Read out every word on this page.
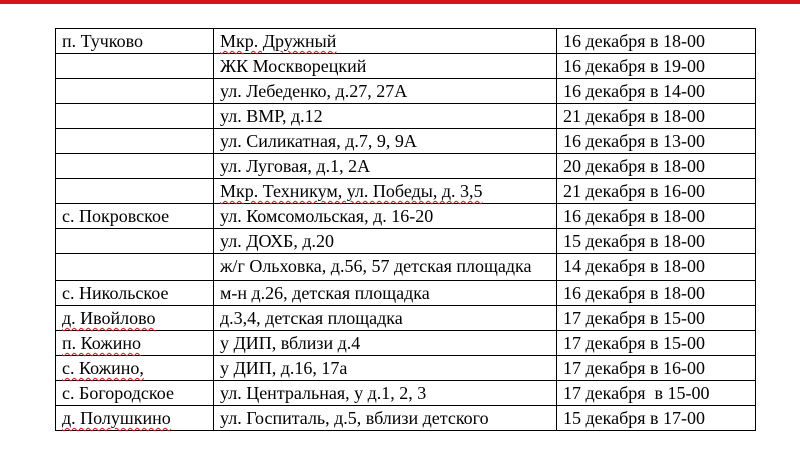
п. Тучково	Мкр. Дружный	16 декабря в 18-00
	ЖК Москворецкий	16 декабря в 19-00
	ул. Лебеденко, д.27, 27А	16 декабря в 14-00
	ул. ВМР, д.12	21 декабря в 18-00
	ул. Силикатная, д.7, 9, 9А	16 декабря в 13-00
	ул. Луговая, д.1, 2А	20 декабря в 18-00
	Мкр. Техникум, ул. Победы, д. 3,5	21 декабря в 16-00
с. Покровское	ул. Комсомольская, д. 16-20	16 декабря в 18-00
	ул. ДОХБ, д.20	15 декабря в 18-00
	ж/г Ольховка, д.56, 57 детская площадка	14 декабря в 18-00
с. Никольское	м-н д.26, детская площадка	16 декабря в 18-00
д. Ивойлово	д.3,4, детская площадка	17 декабря в 15-00
п. Кожино	у ДИП, вблизи д.4	17 декабря в 15-00
с. Кожино,	у ДИП, д.16, 17а	17 декабря в 16-00
с. Богородское	ул. Центральная, у д.1, 2, 3	17 декабря  в 15-00
д. Полушкино	ул. Госпиталь, д.5, вблизи детского	15 декабря в 17-00
